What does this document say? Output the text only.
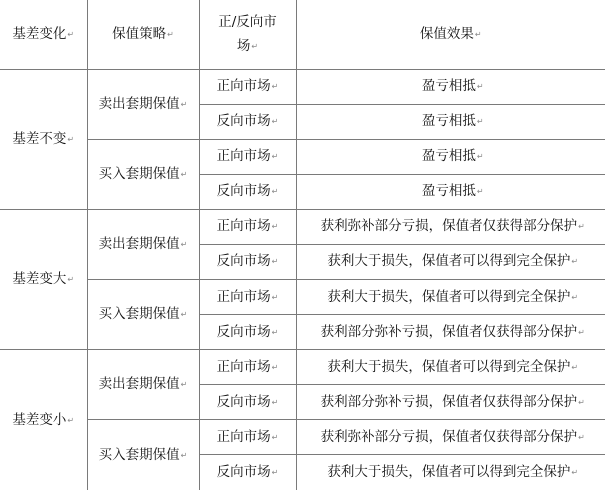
基差变化↵	保值策略↵	正/反向市
场↵	保值效果↵
基差不变↵	卖出套期保值↵	正向市场↵	盈亏相抵↵
		反向市场↵	盈亏相抵↵
	买入套期保值↵	正向市场↵	盈亏相抵↵
		反向市场↵	盈亏相抵↵
基差变大↵	卖出套期保值↵	正向市场↵	获利弥补部分亏损，保值者仅获得部分保护↵
		反向市场↵	获利大于损失，保值者可以得到完全保护↵
	买入套期保值↵	正向市场↵	获利大于损失，保值者可以得到完全保护↵
		反向市场↵	获利部分弥补亏损，保值者仅获得部分保护↵
基差变小↵	卖出套期保值↵	正向市场↵	获利大于损失，保值者可以得到完全保护↵
		反向市场↵	获利部分弥补亏损，保值者仅获得部分保护↵
	买入套期保值↵	正向市场↵	获利弥补部分亏损，保值者仅获得部分保护↵
		反向市场↵	获利大于损失，保值者可以得到完全保护↵
